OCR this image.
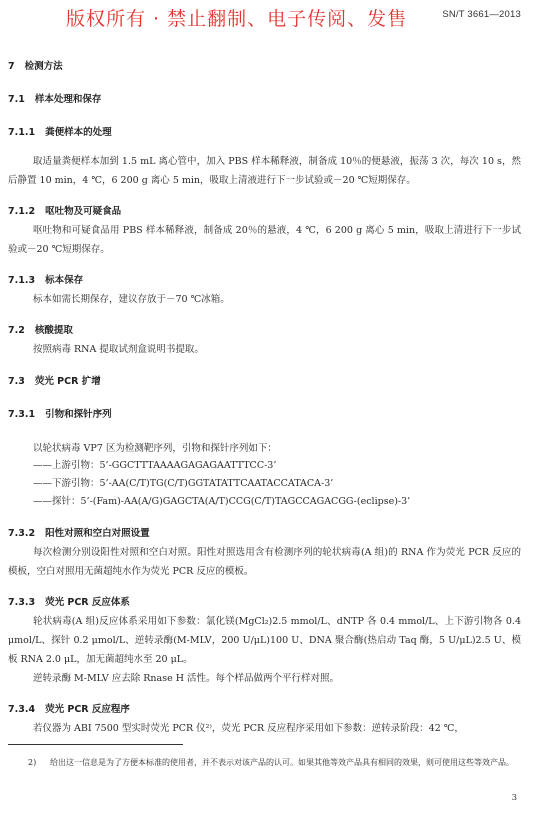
SN/T 3661—2013
版权所有 · 禁止翻制、电子传阅、发售
7 检测方法
7.1 样本处理和保存
7.1.1 粪便样本的处理
取适量粪便样本加到 1.5 mL 离心管中，加入 PBS 样本稀释液，制备成 10％的便悬液，振荡 3 次，每次 10 s，然后静置 10 min，4 ℃，6 200 g 离心 5 min，吸取上清液进行下一步试验或－20 ℃短期保存。
7.1.2 呕吐物及可疑食品
呕吐物和可疑食品用 PBS 样本稀释液，制备成 20％的悬液，4 ℃，6 200 g 离心 5 min，吸取上清进行下一步试验或－20 ℃短期保存。
7.1.3 标本保存
标本如需长期保存，建议存放于－70 ℃冰箱。
7.2 核酸提取
按照病毒 RNA 提取试剂盒说明书提取。
7.3 荧光 PCR 扩增
7.3.1 引物和探针序列
以轮状病毒 VP7 区为检测靶序列，引物和探针序列如下：
——上游引物：5’-GGCTTTAAAAGAGAGAATTTCC-3’
——下游引物：5’-AA(C/T)TG(C/T)GGTATATTCAATACCATACA-3’
——探针：5’-(Fam)-AA(A/G)GAGCTA(A/T)CCG(C/T)TAGCCAGACGG-(eclipse)-3’
7.3.2 阳性对照和空白对照设置
每次检测分别设阳性对照和空白对照。阳性对照选用含有检测序列的轮状病毒(A 组)的 RNA 作为荧光 PCR 反应的模板，空白对照用无菌超纯水作为荧光 PCR 反应的模板。
7.3.3 荧光 PCR 反应体系
轮状病毒(A 组)反应体系采用如下参数：氯化镁(MgCl₂)2.5 mmol/L、dNTP 各 0.4 mmol/L、上下游引物各 0.4 μmol/L、探针 0.2 μmol/L、逆转录酶(M-MLV，200 U/μL)100 U、DNA 聚合酶(热启动 Taq 酶，5 U/μL)2.5 U、模板 RNA 2.0 μL，加无菌超纯水至 20 μL。
逆转录酶 M-MLV 应去除 Rnase H 活性。每个样品做两个平行样对照。
7.3.4 荧光 PCR 反应程序
若仪器为 ABI 7500 型实时荧光 PCR 仪²⁾，荧光 PCR 反应程序采用如下参数：逆转录阶段：42 ℃，
2)	给出这一信息是为了方便本标准的使用者，并不表示对该产品的认可。如果其他等效产品具有相同的效果，则可使用这些等效产品。
3
